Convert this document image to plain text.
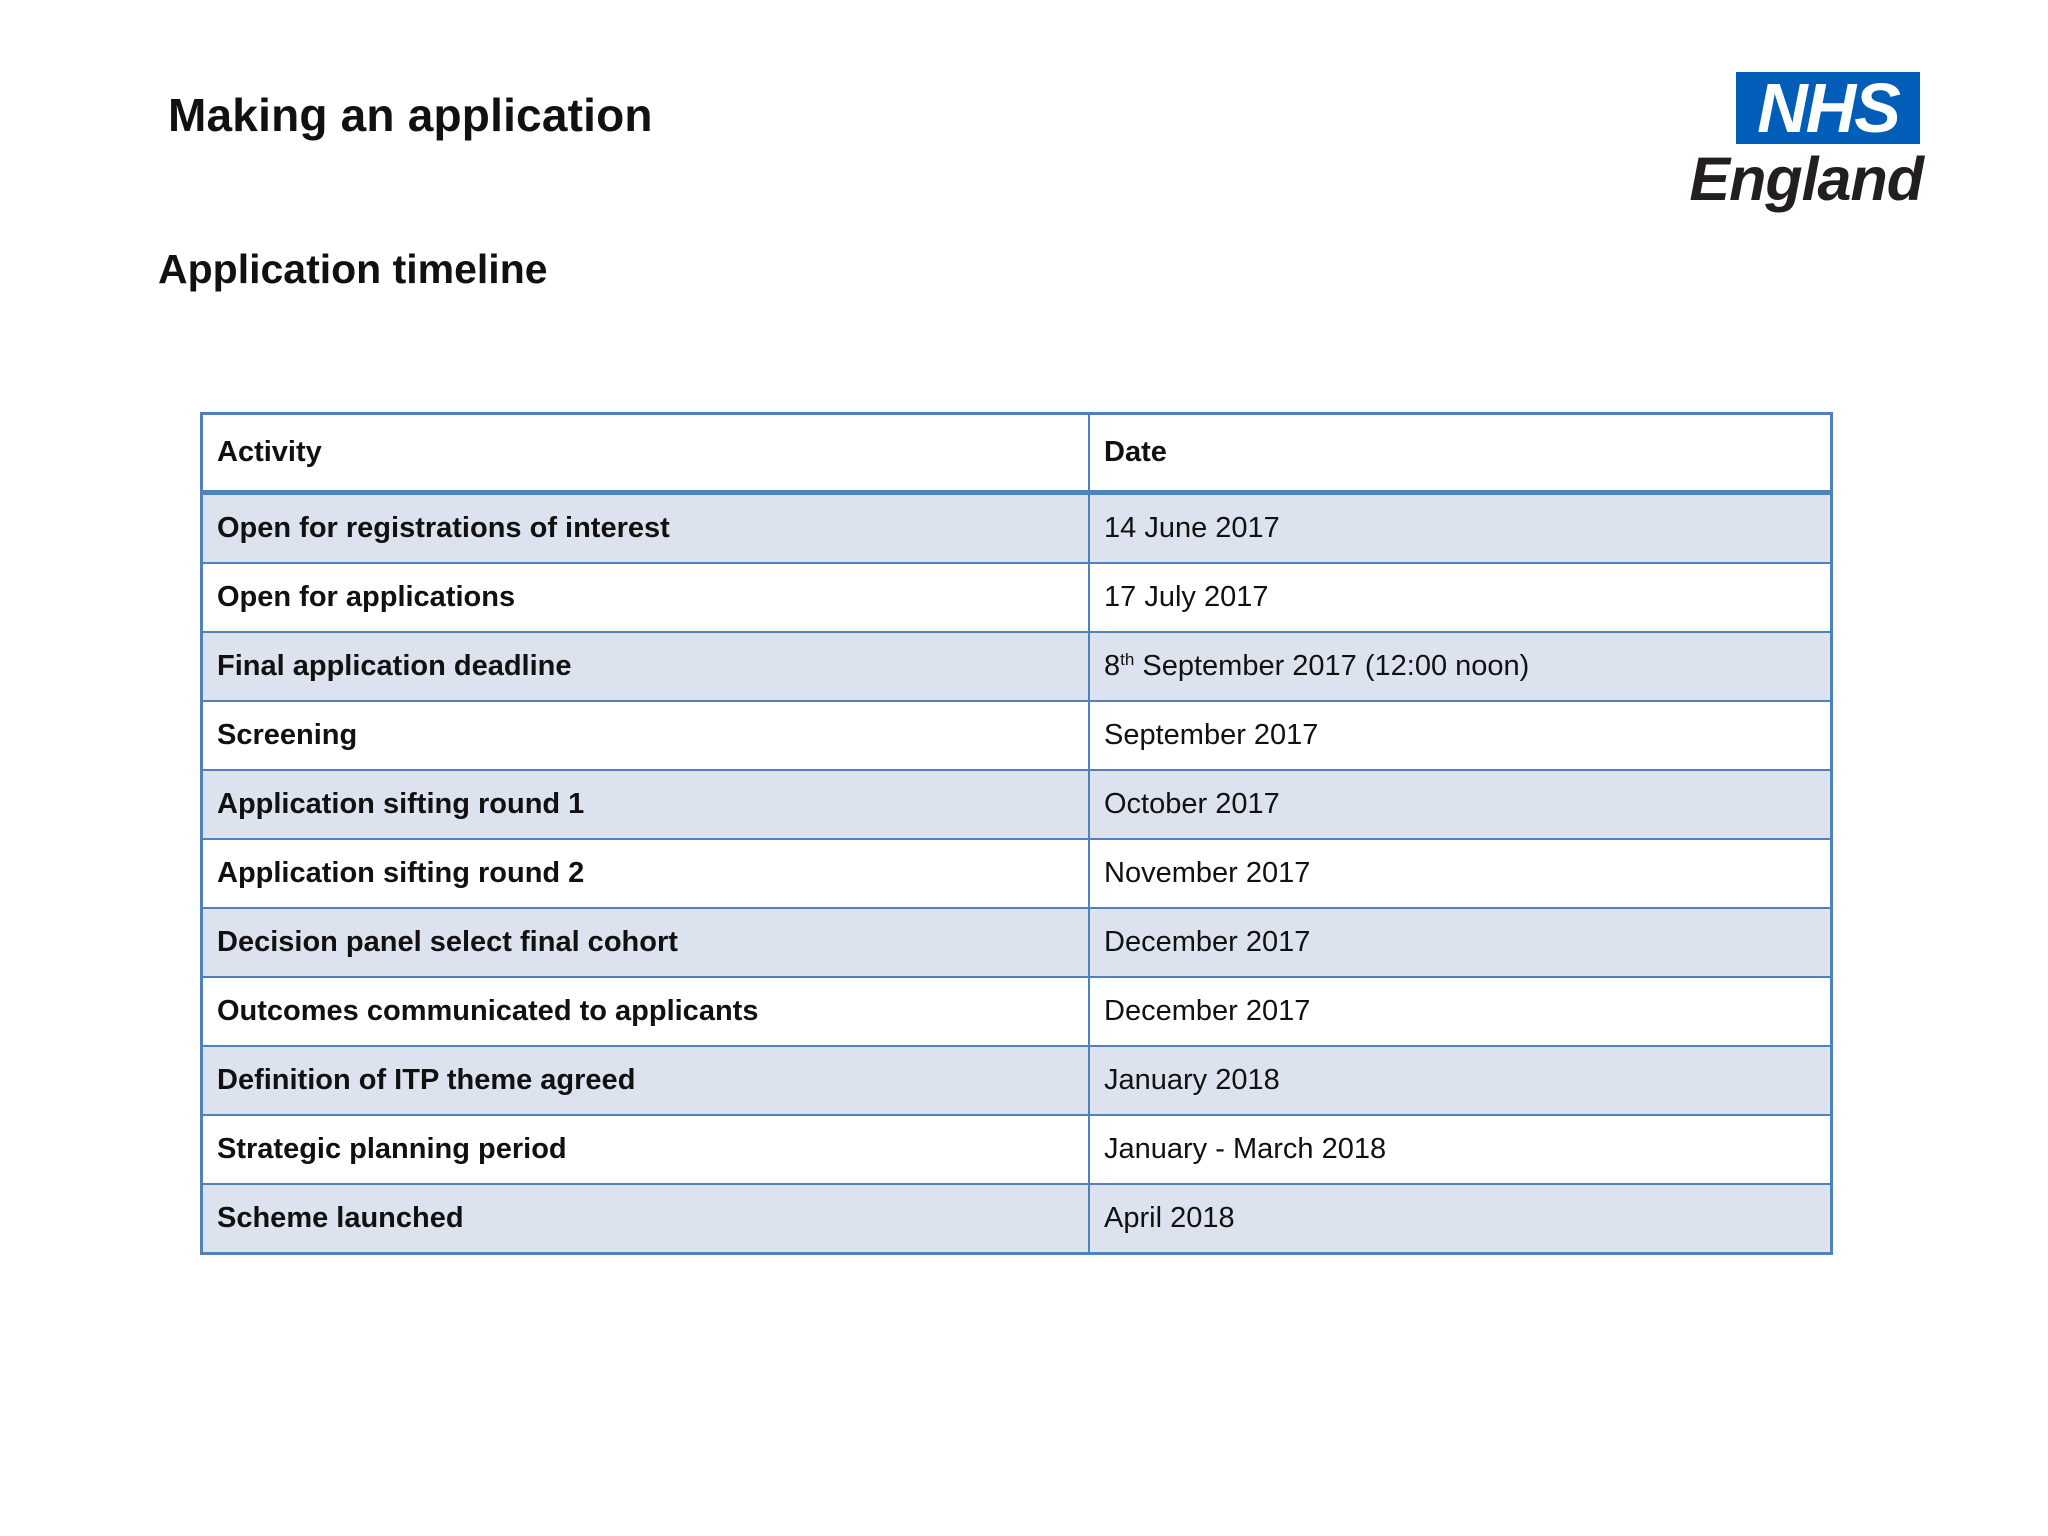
Making an application	NHS
England
Application timeline
Activity	Date
Open for registrations of interest	14 June 2017
Open for applications	17 July 2017
Final application deadline	8th September 2017 (12:00 noon)
Screening	September 2017
Application sifting round 1	October 2017
Application sifting round 2	November 2017
Decision panel select final cohort	December 2017
Outcomes communicated to applicants	December 2017
Definition of ITP theme agreed	January 2018
Strategic planning period	January - March 2018
Scheme launched	April 2018
